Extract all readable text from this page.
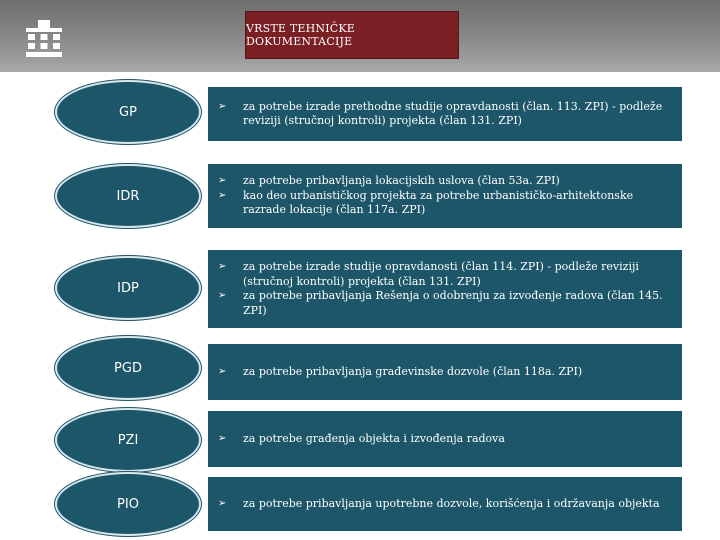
VRSTE TEHNIČKE DOKUMENTACIJE
GP	➢	za potrebe izrade prethodne studije opravdanosti (član. 113. ZPI) - podleže reviziji (stručnoj kontroli) projekta (član 131. ZPI)
IDR
➢	za potrebe pribavljanja lokacijskih uslova (član 53a. ZPI)
➢	kao deo urbanističkog projekta za potrebe urbanističko-arhitektonske razrade lokacije (član 117a. ZPI)
IDP
➢	za potrebe izrade studije opravdanosti (član 114. ZPI) - podleže reviziji (stručnoj kontroli) projekta (član 131. ZPI)
➢	za potrebe pribavljanja Rešenja o odobrenju za izvođenje radova (član 145. ZPI)
PGD	➢	za potrebe pribavljanja građevinske dozvole (član 118a. ZPI)
PZI	➢	za potrebe građenja objekta i izvođenja radova
PIO	➢	za potrebe pribavljanja upotrebne dozvole, korišćenja i održavanja objekta
